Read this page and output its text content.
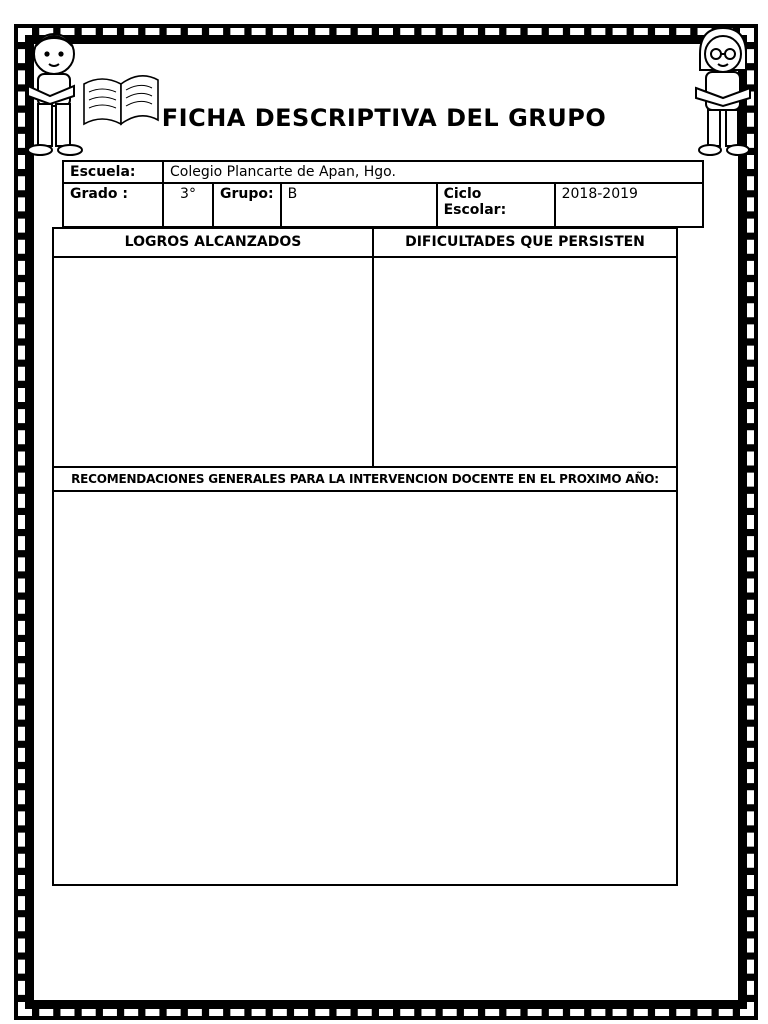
FICHA DESCRIPTIVA DEL GRUPO
Escuela:	Colegio Plancarte de Apan, Hgo.				
Grado :	3°	Grupo:	B	Ciclo Escolar:	2018-2019
LOGROS ALCANZADOS	DIFICULTADES QUE PERSISTEN
RECOMENDACIONES GENERALES PARA LA INTERVENCION DOCENTE EN EL PROXIMO AÑO:
